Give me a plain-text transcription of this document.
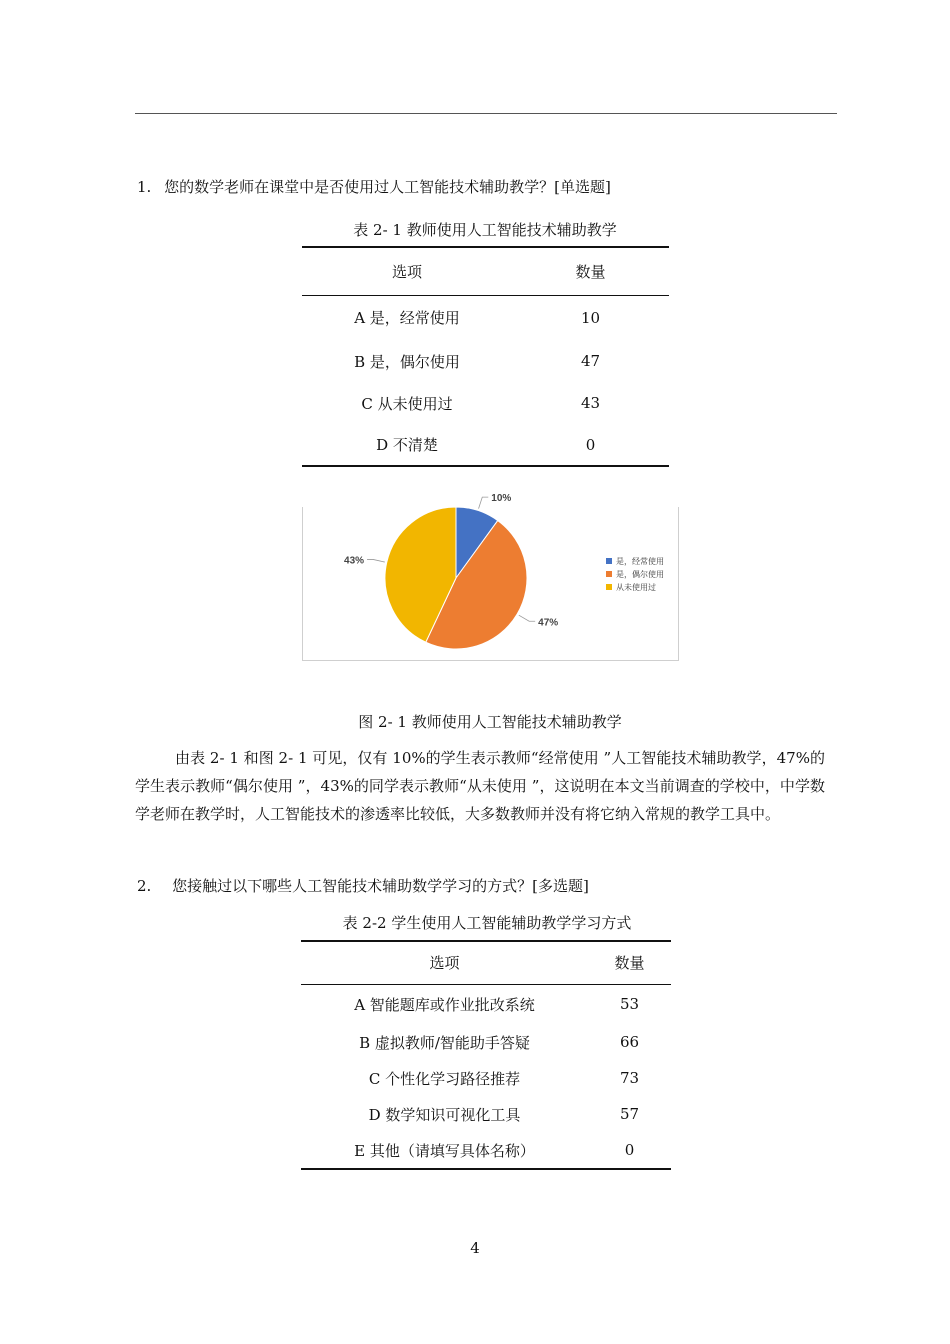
1. 您的数学老师在课堂中是否使用过人工智能技术辅助教学？[单选题]
表 2- 1 教师使用人工智能技术辅助教学
选项	数量
A 是，经常使用	10
B 是，偶尔使用	47
C 从未使用过	43
D 不清楚	0
10%
47%
43%	是，经常使用
是，偶尔使用
从未使用过
图 2- 1 教师使用人工智能技术辅助教学
由表 2- 1 和图 2- 1 可见，仅有 10%的学生表示教师“经常使用 ”人工智能技术辅助教学，47%的学生表示教师“偶尔使用 ”，43%的同学表示教师“从未使用 ”，这说明在本文当前调查的学校中，中学数学老师在教学时，人工智能技术的渗透率比较低，大多数教师并没有将它纳入常规的教学工具中。
2. 您接触过以下哪些人工智能技术辅助数学学习的方式？[多选题]
表 2-2 学生使用人工智能辅助教学学习方式
选项	数量
A 智能题库或作业批改系统	53
B 虚拟教师/智能助手答疑	66
C 个性化学习路径推荐	73
D 数学知识可视化工具	57
E 其他（请填写具体名称）	0
4
